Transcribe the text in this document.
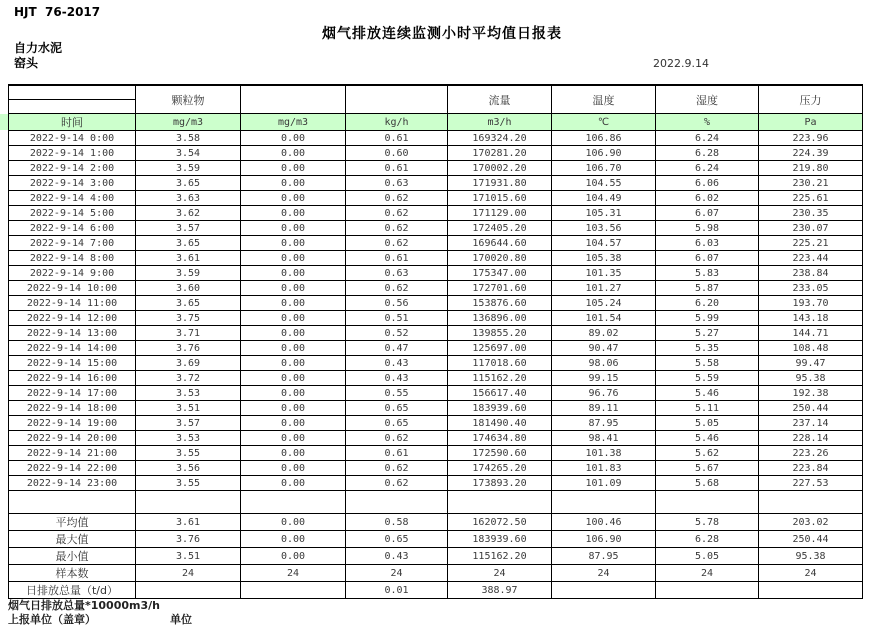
HJT  76-2017
烟气排放连续监测小时平均值日报表
自力水泥
窑头	2022.9.14
	颗粒物			流量	温度	湿度	压力

时间	mg/m3	mg/m3	kg/h	m3/h	℃	%	Pa
2022-9-14 0:00	3.58	0.00	0.61	169324.20	106.86	6.24	223.96
2022-9-14 1:00	3.54	0.00	0.60	170281.20	106.90	6.28	224.39
2022-9-14 2:00	3.59	0.00	0.61	170002.20	106.70	6.24	219.80
2022-9-14 3:00	3.65	0.00	0.63	171931.80	104.55	6.06	230.21
2022-9-14 4:00	3.63	0.00	0.62	171015.60	104.49	6.02	225.61
2022-9-14 5:00	3.62	0.00	0.62	171129.00	105.31	6.07	230.35
2022-9-14 6:00	3.57	0.00	0.62	172405.20	103.56	5.98	230.07
2022-9-14 7:00	3.65	0.00	0.62	169644.60	104.57	6.03	225.21
2022-9-14 8:00	3.61	0.00	0.61	170020.80	105.38	6.07	223.44
2022-9-14 9:00	3.59	0.00	0.63	175347.00	101.35	5.83	238.84
2022-9-14 10:00	3.60	0.00	0.62	172701.60	101.27	5.87	233.05
2022-9-14 11:00	3.65	0.00	0.56	153876.60	105.24	6.20	193.70
2022-9-14 12:00	3.75	0.00	0.51	136896.00	101.54	5.99	143.18
2022-9-14 13:00	3.71	0.00	0.52	139855.20	89.02	5.27	144.71
2022-9-14 14:00	3.76	0.00	0.47	125697.00	90.47	5.35	108.48
2022-9-14 15:00	3.69	0.00	0.43	117018.60	98.06	5.58	99.47
2022-9-14 16:00	3.72	0.00	0.43	115162.20	99.15	5.59	95.38
2022-9-14 17:00	3.53	0.00	0.55	156617.40	96.76	5.46	192.38
2022-9-14 18:00	3.51	0.00	0.65	183939.60	89.11	5.11	250.44
2022-9-14 19:00	3.57	0.00	0.65	181490.40	87.95	5.05	237.14
2022-9-14 20:00	3.53	0.00	0.62	174634.80	98.41	5.46	228.14
2022-9-14 21:00	3.55	0.00	0.61	172590.60	101.38	5.62	223.26
2022-9-14 22:00	3.56	0.00	0.62	174265.20	101.83	5.67	223.84
2022-9-14 23:00	3.55	0.00	0.62	173893.20	101.09	5.68	227.53

平均值	3.61	0.00	0.58	162072.50	100.46	5.78	203.02
最大值	3.76	0.00	0.65	183939.60	106.90	6.28	250.44
最小值	3.51	0.00	0.43	115162.20	87.95	5.05	95.38
样本数	24	24	24	24	24	24	24
日排放总量（t/d）			0.01	388.97			
烟气日排放总量*10000m3/h
上报单位（盖章）	单位
